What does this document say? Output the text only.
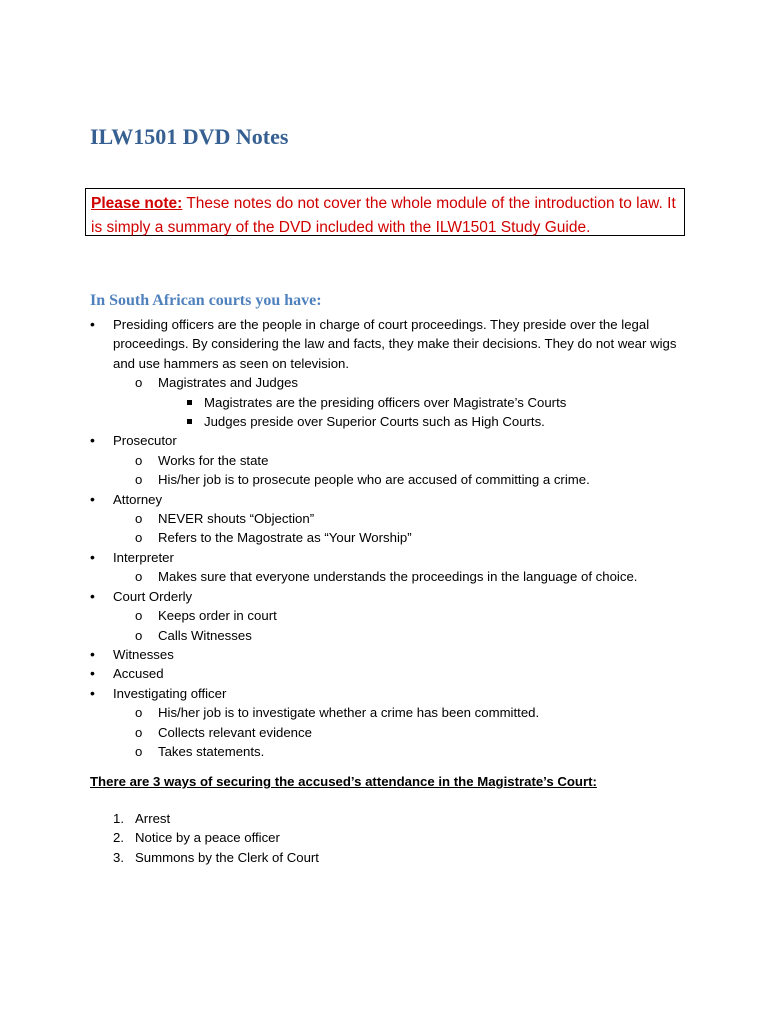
ILW1501 DVD Notes
Please note: These notes do not cover the whole module of the introduction to law. It is simply a summary of the DVD included with the ILW1501 Study Guide.
In South African courts you have:
• Presiding officers are the people in charge of court proceedings. They preside over the legal proceedings. By considering the law and facts, they make their decisions. They do not wear wigs and use hammers as seen on television.
o Magistrates and Judges
Magistrates are the presiding officers over Magistrate’s Courts
Judges preside over Superior Courts such as High Courts.
• Prosecutor
o Works for the state
o His/her job is to prosecute people who are accused of committing a crime.
• Attorney
o NEVER shouts “Objection”
o Refers to the Magostrate as “Your Worship”
• Interpreter
o Makes sure that everyone understands the proceedings in the language of choice.
• Court Orderly
o Keeps order in court
o Calls Witnesses
• Witnesses
• Accused
• Investigating officer
o His/her job is to investigate whether a crime has been committed.
o Collects relevant evidence
o Takes statements.

There are 3 ways of securing the accused’s attendance in the Magistrate’s Court:

1. Arrest
2. Notice by a peace officer
3. Summons by the Clerk of Court
